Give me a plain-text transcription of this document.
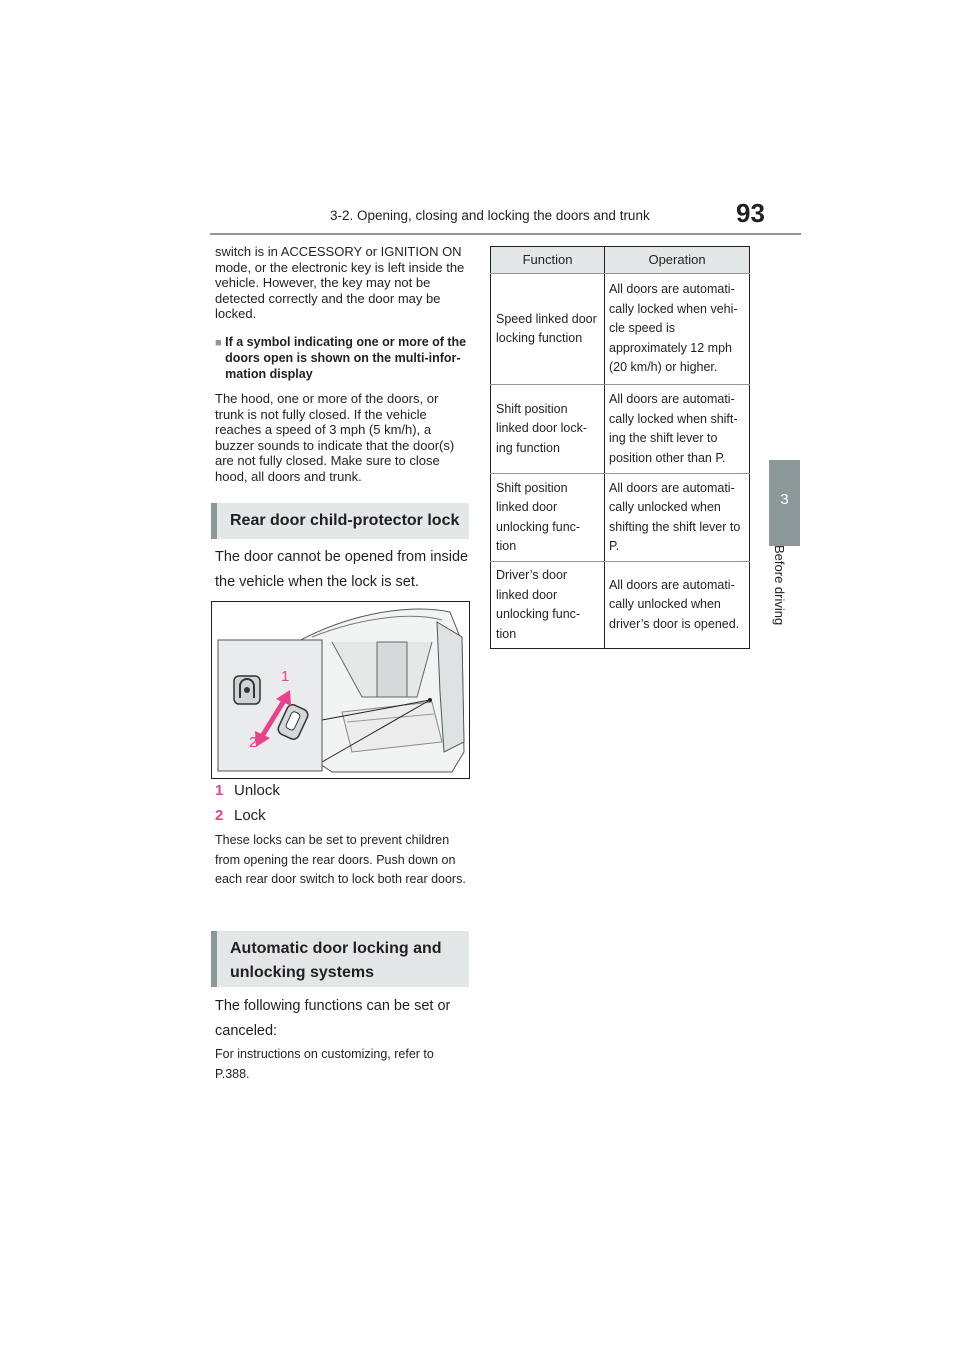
3-2. Opening, closing and locking the doors and trunk	93
3
Before driving
switch is in ACCESSORY or IGNITION ON mode, or the electronic key is left inside the vehicle. However, the key may not be detected correctly and the door may be locked.
■ If a symbol indicating one or more of the doors open is shown on the multi-infor-mation display
The hood, one or more of the doors, or trunk is not fully closed. If the vehicle reaches a speed of 3 mph (5 km/h), a buzzer sounds to indicate that the door(s) are not fully closed. Make sure to close hood, all doors and trunk.
Rear door child-protector lock
The door cannot be opened from inside the vehicle when the lock is set.
1
2
1 Unlock
2 Lock
These locks can be set to prevent children from opening the rear doors. Push down on each rear door switch to lock both rear doors.
Automatic door locking and unlocking systems
The following functions can be set or canceled:
For instructions on customizing, refer to P.388.
Function	Operation
Speed linked door locking function	All doors are automati-cally locked when vehi-cle speed is approximately 12 mph (20 km/h) or higher.
Shift position linked door lock-ing function	All doors are automati-cally locked when shift-ing the shift lever to position other than P.
Shift position linked door unlocking func-tion	All doors are automati-cally unlocked when shifting the shift lever to P.
Driver’s door linked door unlocking func-tion	All doors are automati-cally unlocked when driver’s door is opened.
